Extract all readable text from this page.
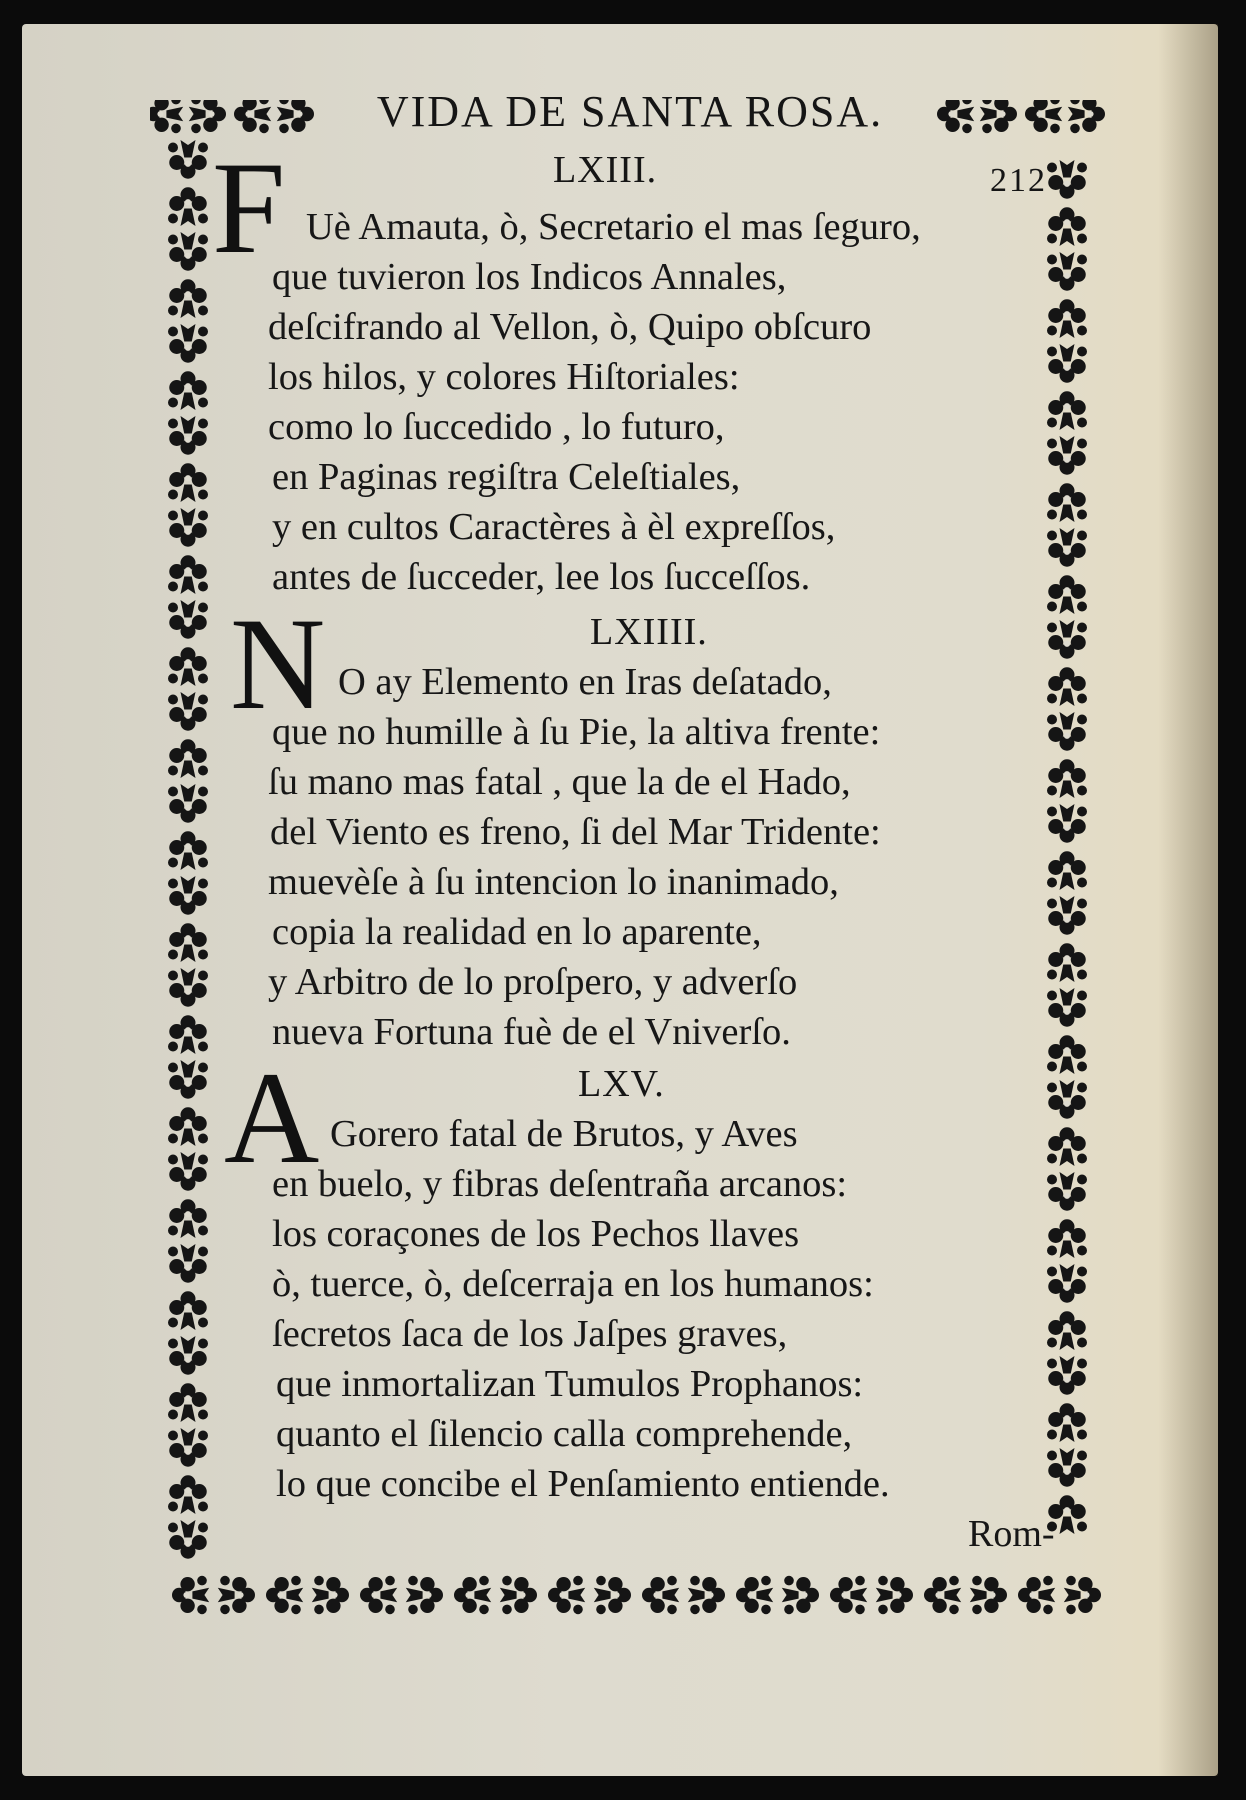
VIDA DE SANTA ROSA.
212
LXIII.
F Uè Amauta, ò, Secretario el mas ſeguro,
que tuvieron los Indicos Annales,
deſcifrando al Vellon, ò, Quipo obſcuro
los hilos, y colores Hiſtoriales:
como lo ſuccedido , lo futuro,
en Paginas regiſtra Celeſtiales,
y en cultos Caractères à èl expreſſos,
antes de ſucceder, lee los ſucceſſos.
LXIIII.
N O ay Elemento en Iras deſatado,
que no humille à ſu Pie, la altiva frente:
ſu mano mas fatal , que la de el Hado,
del Viento es freno, ſi del Mar Tridente:
muevèſe à ſu intencion lo inanimado,
copia la realidad en lo aparente,
y Arbitro de lo proſpero, y adverſo
nueva Fortuna fuè de el Vniverſo.
LXV.
A Gorero fatal de Brutos, y Aves
en buelo, y fibras deſentraña arcanos:
los coraçones de los Pechos llaves
ò, tuerce, ò, deſcerraja en los humanos:
ſecretos ſaca de los Jaſpes graves,
que inmortalizan Tumulos Prophanos:
quanto el ſilencio calla comprehende,
lo que concibe el Penſamiento entiende.
Rom-
